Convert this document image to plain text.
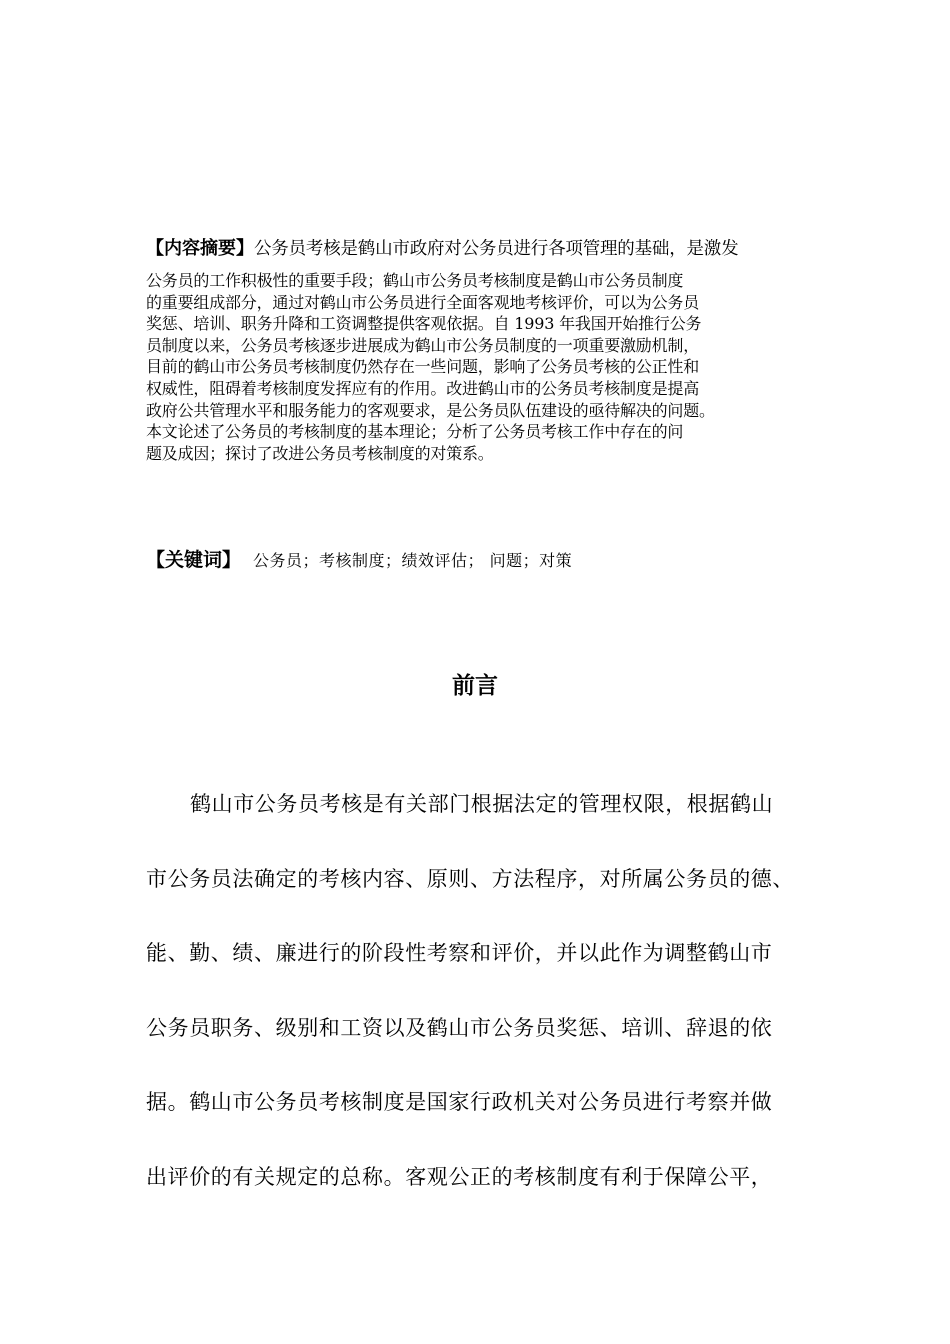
【内容摘要】公务员考核是鹤山市政府对公务员进行各项管理的基础，是激发
公务员的工作积极性的重要手段；鹤山市公务员考核制度是鹤山市公务员制度
的重要组成部分，通过对鹤山市公务员进行全面客观地考核评价，可以为公务员
奖惩、培训、职务升降和工资调整提供客观依据。自 1993 年我国开始推行公务
员制度以来，公务员考核逐步进展成为鹤山市公务员制度的一项重要激励机制，
目前的鹤山市公务员考核制度仍然存在一些问题，影响了公务员考核的公正性和
权威性，阻碍着考核制度发挥应有的作用。改进鹤山市的公务员考核制度是提高
政府公共管理水平和服务能力的客观要求，是公务员队伍建设的亟待解决的问题。
本文论述了公务员的考核制度的基本理论；分析了公务员考核工作中存在的问
题及成因；探讨了改进公务员考核制度的对策系。
【关键词】 公务员；考核制度；绩效评估； 问题；对策
前言
鹤山市公务员考核是有关部门根据法定的管理权限，根据鹤山
市公务员法确定的考核内容、原则、方法程序，对所属公务员的德、
能、勤、绩、廉进行的阶段性考察和评价，并以此作为调整鹤山市
公务员职务、级别和工资以及鹤山市公务员奖惩、培训、辞退的依
据。鹤山市公务员考核制度是国家行政机关对公务员进行考察并做
出评价的有关规定的总称。客观公正的考核制度有利于保障公平，
